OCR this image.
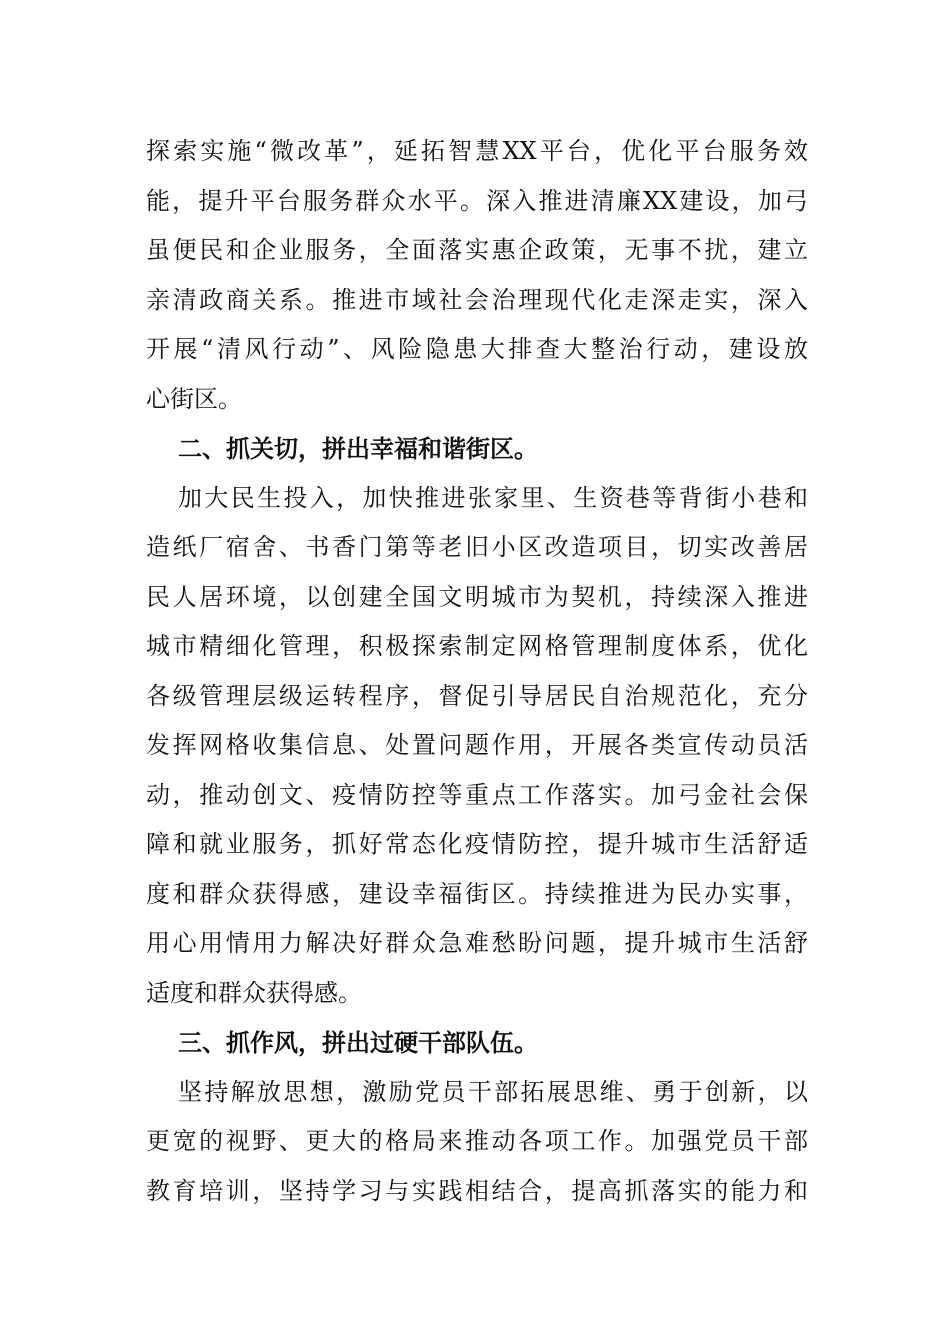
探索实施“微改革”，延拓智慧XX平台，优化平台服务效
能，提升平台服务群众水平。深入推进清廉XX建设，加弓
虽便民和企业服务，全面落实惠企政策，无事不扰，建立
亲清政商关系。推进市域社会治理现代化走深走实，深入
开展“清风行动”、风险隐患大排查大整治行动，建设放
心街区。
二、抓关切，拼出幸福和谐街区。
加大民生投入，加快推进张家里、生资巷等背街小巷和
造纸厂宿舍、书香门第等老旧小区改造项目，切实改善居
民人居环境，以创建全国文明城市为契机，持续深入推进
城市精细化管理，积极探索制定网格管理制度体系，优化
各级管理层级运转程序，督促引导居民自治规范化，充分
发挥网格收集信息、处置问题作用，开展各类宣传动员活
动，推动创文、疫情防控等重点工作落实。加弓金社会保
障和就业服务，抓好常态化疫情防控，提升城市生活舒适
度和群众获得感，建设幸福街区。持续推进为民办实事，
用心用情用力解决好群众急难愁盼问题，提升城市生活舒
适度和群众获得感。
三、抓作风，拼出过硬干部队伍。
坚持解放思想，激励党员干部拓展思维、勇于创新，以
更宽的视野、更大的格局来推动各项工作。加强党员干部
教育培训，坚持学习与实践相结合，提高抓落实的能力和
